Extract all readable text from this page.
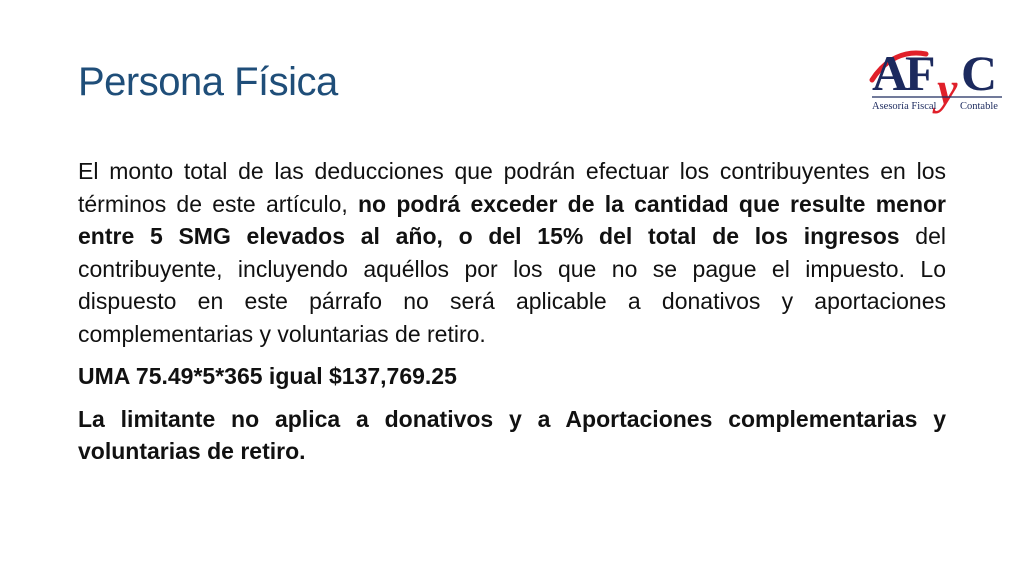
Persona Física	A
F y C
Asesoría Fiscal Contable

El monto total de las deducciones que podrán efectuar los contribuyentes en los términos de este artículo, no podrá exceder de la cantidad que resulte menor entre 5 SMG elevados al año, o del 15% del total de los ingresos del contribuyente, incluyendo aquéllos por los que no se pague el impuesto. Lo dispuesto en este párrafo no será aplicable a donativos y aportaciones complementarias y voluntarias de retiro.

UMA 75.49*5*365 igual $137,769.25

La limitante no aplica a donativos y a Aportaciones complementarias y voluntarias de retiro.
